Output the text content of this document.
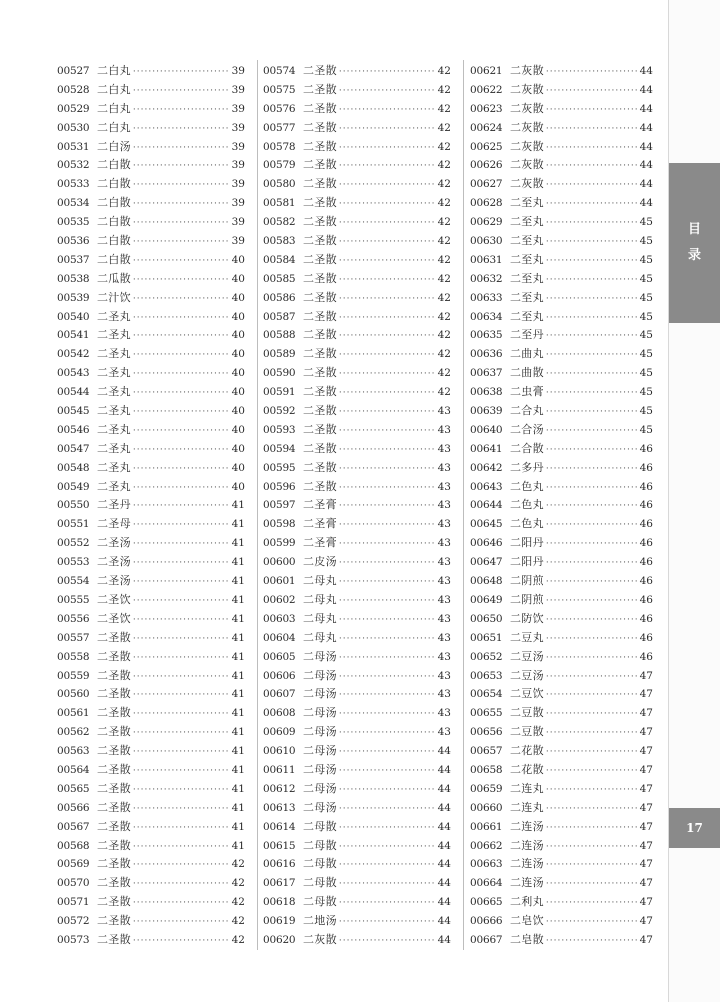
00527 二白丸 ·····	39
00528 二白丸 ·····	39
00529 二白丸 ·····	39
00530 二白丸 ·····	39
00531 二白汤 ·····	39
00532 二白散 ·····	39
00533 二白散 ·····	39
00534 二白散 ·····	39
00535 二白散 ·····	39
00536 二白散 ·····	39
00537 二白散 ·····	40
00538 二瓜散 ·····	40
00539 二汁饮 ·····	40
00540 二圣丸 ·····	40
00541 二圣丸 ·····	40
00542 二圣丸 ·····	40
00543 二圣丸 ·····	40
00544 二圣丸 ·····	40
00545 二圣丸 ·····	40
00546 二圣丸 ·····	40
00547 二圣丸 ·····	40
00548 二圣丸 ·····	40
00549 二圣丸 ·····	40
00550 二圣丹 ·····	41
00551 二圣母 ·····	41
00552 二圣汤 ·····	41
00553 二圣汤 ·····	41
00554 二圣汤 ·····	41
00555 二圣饮 ·····	41
00556 二圣饮 ·····	41
00557 二圣散 ·····	41
00558 二圣散 ·····	41
00559 二圣散 ·····	41
00560 二圣散 ·····	41
00561 二圣散 ·····	41
00562 二圣散 ·····	41
00563 二圣散 ·····	41
00564 二圣散 ·····	41
00565 二圣散 ·····	41
00566 二圣散 ·····	41
00567 二圣散 ·····	41
00568 二圣散 ·····	41
00569 二圣散 ·····	42
00570 二圣散 ·····	42
00571 二圣散 ·····	42
00572 二圣散 ·····	42
00573 二圣散 ·····	42
00574 二圣散 ·····	42
00575 二圣散 ·····	42
00576 二圣散 ·····	42
00577 二圣散 ·····	42
00578 二圣散 ·····	42
00579 二圣散 ·····	42
00580 二圣散 ·····	42
00581 二圣散 ·····	42
00582 二圣散 ·····	42
00583 二圣散 ·····	42
00584 二圣散 ·····	42
00585 二圣散 ·····	42
00586 二圣散 ·····	42
00587 二圣散 ·····	42
00588 二圣散 ·····	42
00589 二圣散 ·····	42
00590 二圣散 ·····	42
00591 二圣散 ·····	42
00592 二圣散 ·····	43
00593 二圣散 ·····	43
00594 二圣散 ·····	43
00595 二圣散 ·····	43
00596 二圣散 ·····	43
00597 二圣膏 ·····	43
00598 二圣膏 ·····	43
00599 二圣膏 ·····	43
00600 二皮汤 ·····	43
00601 二母丸 ·····	43
00602 二母丸 ·····	43
00603 二母丸 ·····	43
00604 二母丸 ·····	43
00605 二母汤 ·····	43
00606 二母汤 ·····	43
00607 二母汤 ·····	43
00608 二母汤 ·····	43
00609 二母汤 ·····	43
00610 二母汤 ·····	44
00611 二母汤 ·····	44
00612 二母汤 ·····	44
00613 二母汤 ·····	44
00614 二母散 ·····	44
00615 二母散 ·····	44
00616 二母散 ·····	44
00617 二母散 ·····	44
00618 二母散 ·····	44
00619 二地汤 ·····	44
00620 二灰散 ·····	44
00621 二灰散 ·····	44
00622 二灰散 ·····	44
00623 二灰散 ·····	44
00624 二灰散 ·····	44
00625 二灰散 ·····	44
00626 二灰散 ·····	44
00627 二灰散 ·····	44
00628 二至丸 ·····	44
00629 二至丸 ·····	45
00630 二至丸 ·····	45
00631 二至丸 ·····	45
00632 二至丸 ·····	45
00633 二至丸 ·····	45
00634 二至丸 ·····	45
00635 二至丹 ·····	45
00636 二曲丸 ·····	45
00637 二曲散 ·····	45
00638 二虫膏 ·····	45
00639 二合丸 ·····	45
00640 二合汤 ·····	45
00641 二合散 ·····	46
00642 二多丹 ·····	46
00643 二色丸 ·····	46
00644 二色丸 ·····	46
00645 二色丸 ·····	46
00646 二阳丹 ·····	46
00647 二阳丹 ·····	46
00648 二阴煎 ·····	46
00649 二阴煎 ·····	46
00650 二防饮 ·····	46
00651 二豆丸 ·····	46
00652 二豆汤 ·····	46
00653 二豆汤 ·····	47
00654 二豆饮 ·····	47
00655 二豆散 ·····	47
00656 二豆散 ·····	47
00657 二花散 ·····	47
00658 二花散 ·····	47
00659 二连丸 ·····	47
00660 二连丸 ·····	47
00661 二连汤 ·····	47
00662 二连汤 ·····	47
00663 二连汤 ·····	47
00664 二连汤 ·····	47
00665 二利丸 ·····	47
00666 二皂饮 ·····	47
00667 二皂散 ·····	47
目
录
17
